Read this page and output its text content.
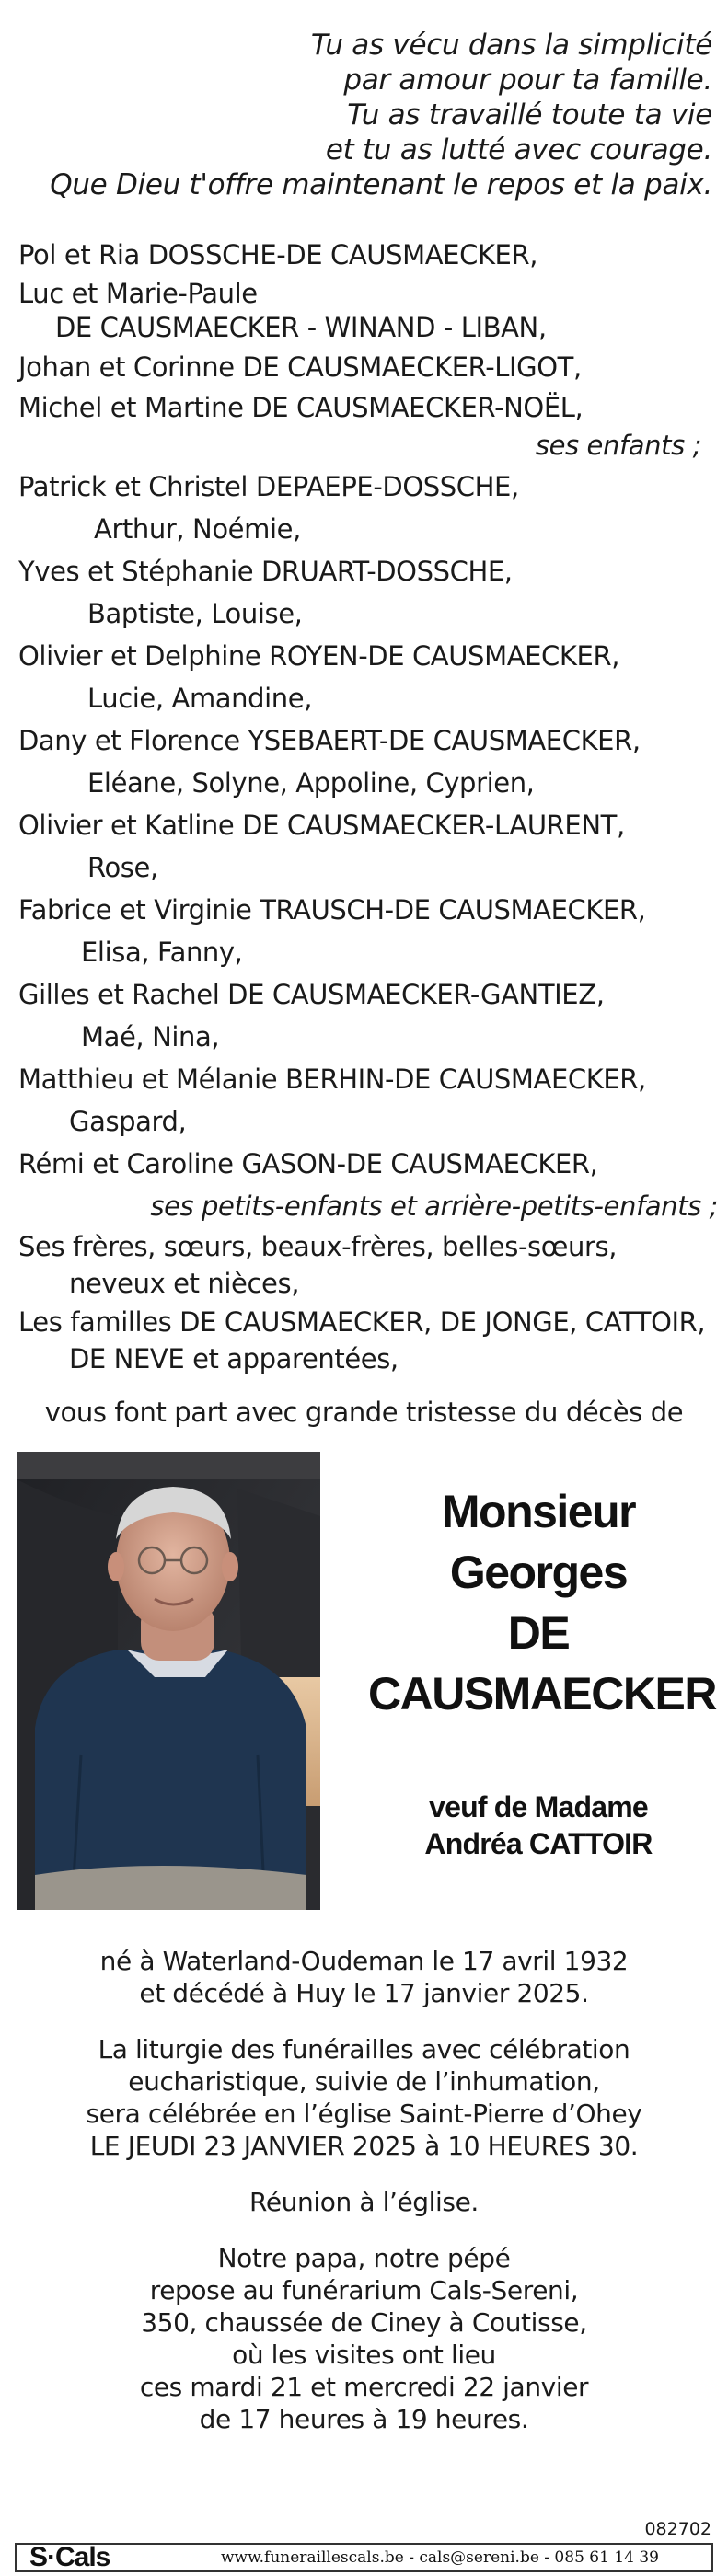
Tu as vécu dans la simplicité
par amour pour ta famille.
Tu as travaillé toute ta vie
et tu as lutté avec courage.
Que Dieu t'offre maintenant le repos et la paix.
Pol et Ria DOSSCHE-DE CAUSMAECKER,
Luc et Marie-Paule
DE CAUSMAECKER - WINAND - LIBAN,
Johan et Corinne DE CAUSMAECKER-LIGOT,
Michel et Martine DE CAUSMAECKER-NOËL,
ses enfants ;
Patrick et Christel DEPAEPE-DOSSCHE,
Arthur, Noémie,
Yves et Stéphanie DRUART-DOSSCHE,
Baptiste, Louise,
Olivier et Delphine ROYEN-DE CAUSMAECKER,
Lucie, Amandine,
Dany et Florence YSEBAERT-DE CAUSMAECKER,
Eléane, Solyne, Appoline, Cyprien,
Olivier et Katline DE CAUSMAECKER-LAURENT,
Rose,
Fabrice et Virginie TRAUSCH-DE CAUSMAECKER,
Elisa, Fanny,
Gilles et Rachel DE CAUSMAECKER-GANTIEZ,
Maé, Nina,
Matthieu et Mélanie BERHIN-DE CAUSMAECKER,
Gaspard,
Rémi et Caroline GASON-DE CAUSMAECKER,
ses petits-enfants et arrière-petits-enfants ;
Ses frères, sœurs, beaux-frères, belles-sœurs,
neveux et nièces,
Les familles DE CAUSMAECKER, DE JONGE, CATTOIR,
DE NEVE et apparentées,
vous font part avec grande tristesse du décès de
Monsieur
Georges
DE
CAUSMAECKER
veuf de Madame
Andréa CATTOIR
né à Waterland-Oudeman le 17 avril 1932
et décédé à Huy le 17 janvier 2025.
La liturgie des funérailles avec célébration
eucharistique, suivie de l’inhumation,
sera célébrée en l’église Saint-Pierre d’Ohey
LE JEUDI 23 JANVIER 2025 à 10 HEURES 30.
Réunion à l’église.
Notre papa, notre pépé
repose au funérarium Cals-Sereni,
350, chaussée de Ciney à Coutisse,
où les visites ont lieu
ces mardi 21 et mercredi 22 janvier
de 17 heures à 19 heures.
082702
S·Cals	www.funeraillescals.be - cals@sereni.be - 085 61 14 39
